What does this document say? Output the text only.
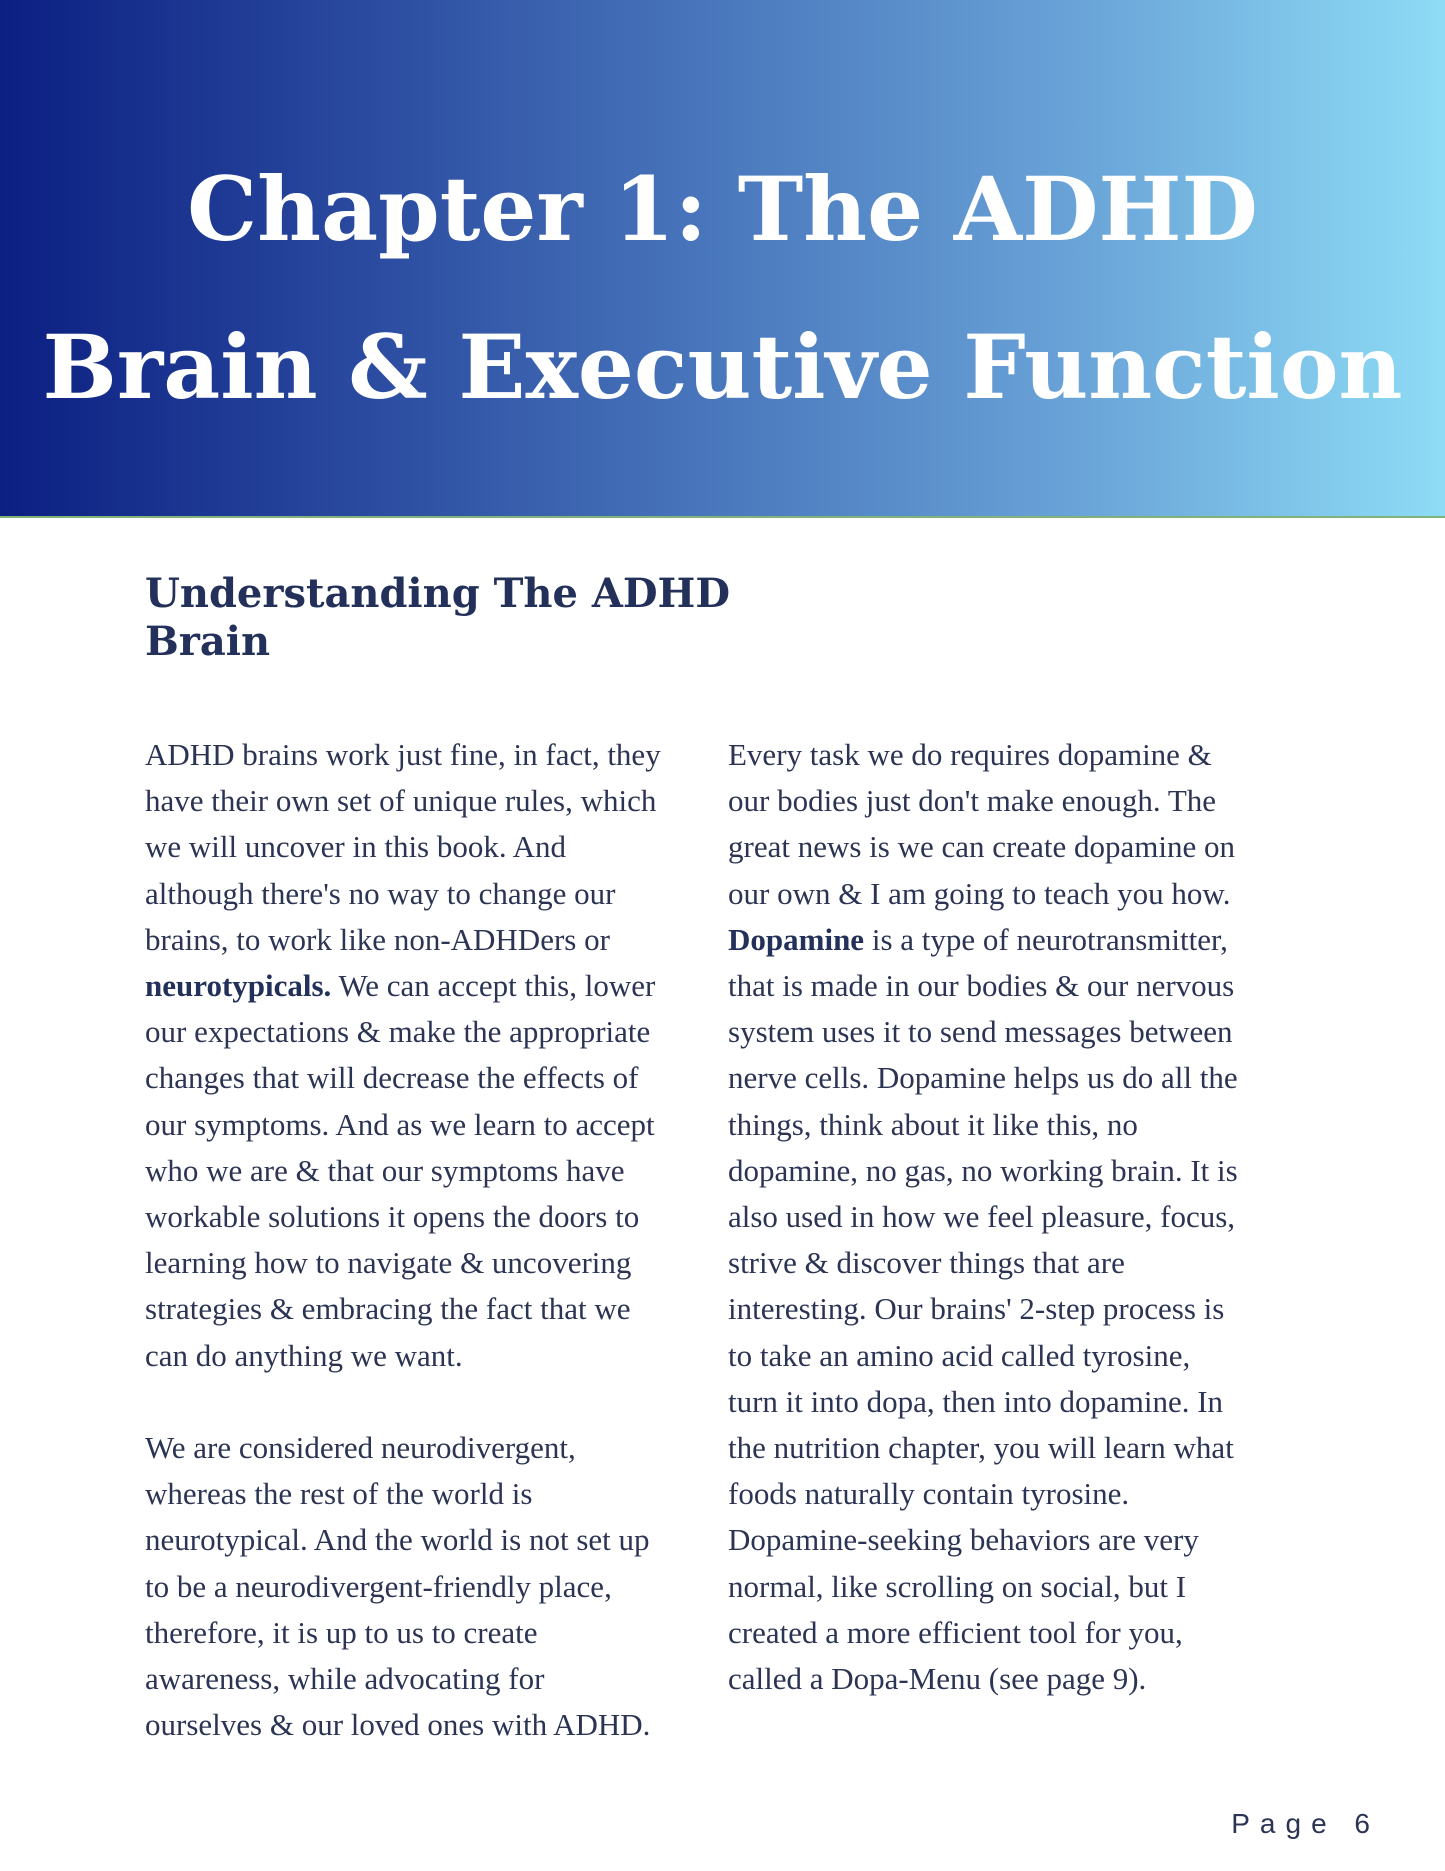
Chapter 1: The ADHD
Brain & Executive Function
Understanding The ADHD
Brain

ADHD brains work just fine, in fact, they
have their own set of unique rules, which
we will uncover in this book. And
although there's no way to change our
brains, to work like non-ADHDers or
neurotypicals. We can accept this, lower
our expectations & make the appropriate
changes that will decrease the effects of
our symptoms. And as we learn to accept
who we are & that our symptoms have
workable solutions it opens the doors to
learning how to navigate & uncovering
strategies & embracing the fact that we
can do anything we want.

We are considered neurodivergent,
whereas the rest of the world is
neurotypical. And the world is not set up
to be a neurodivergent-friendly place,
therefore, it is up to us to create
awareness, while advocating for
ourselves & our loved ones with ADHD.

Every task we do requires dopamine &
our bodies just don't make enough. The
great news is we can create dopamine on
our own & I am going to teach you how.
Dopamine is a type of neurotransmitter,
that is made in our bodies & our nervous
system uses it to send messages between
nerve cells. Dopamine helps us do all the
things, think about it like this, no
dopamine, no gas, no working brain. It is
also used in how we feel pleasure, focus,
strive & discover things that are
interesting. Our brains' 2-step process is
to take an amino acid called tyrosine,
turn it into dopa, then into dopamine. In
the nutrition chapter, you will learn what
foods naturally contain tyrosine.
Dopamine-seeking behaviors are very
normal, like scrolling on social, but I
created a more efficient tool for you,
called a Dopa-Menu (see page 9).

Page 6
